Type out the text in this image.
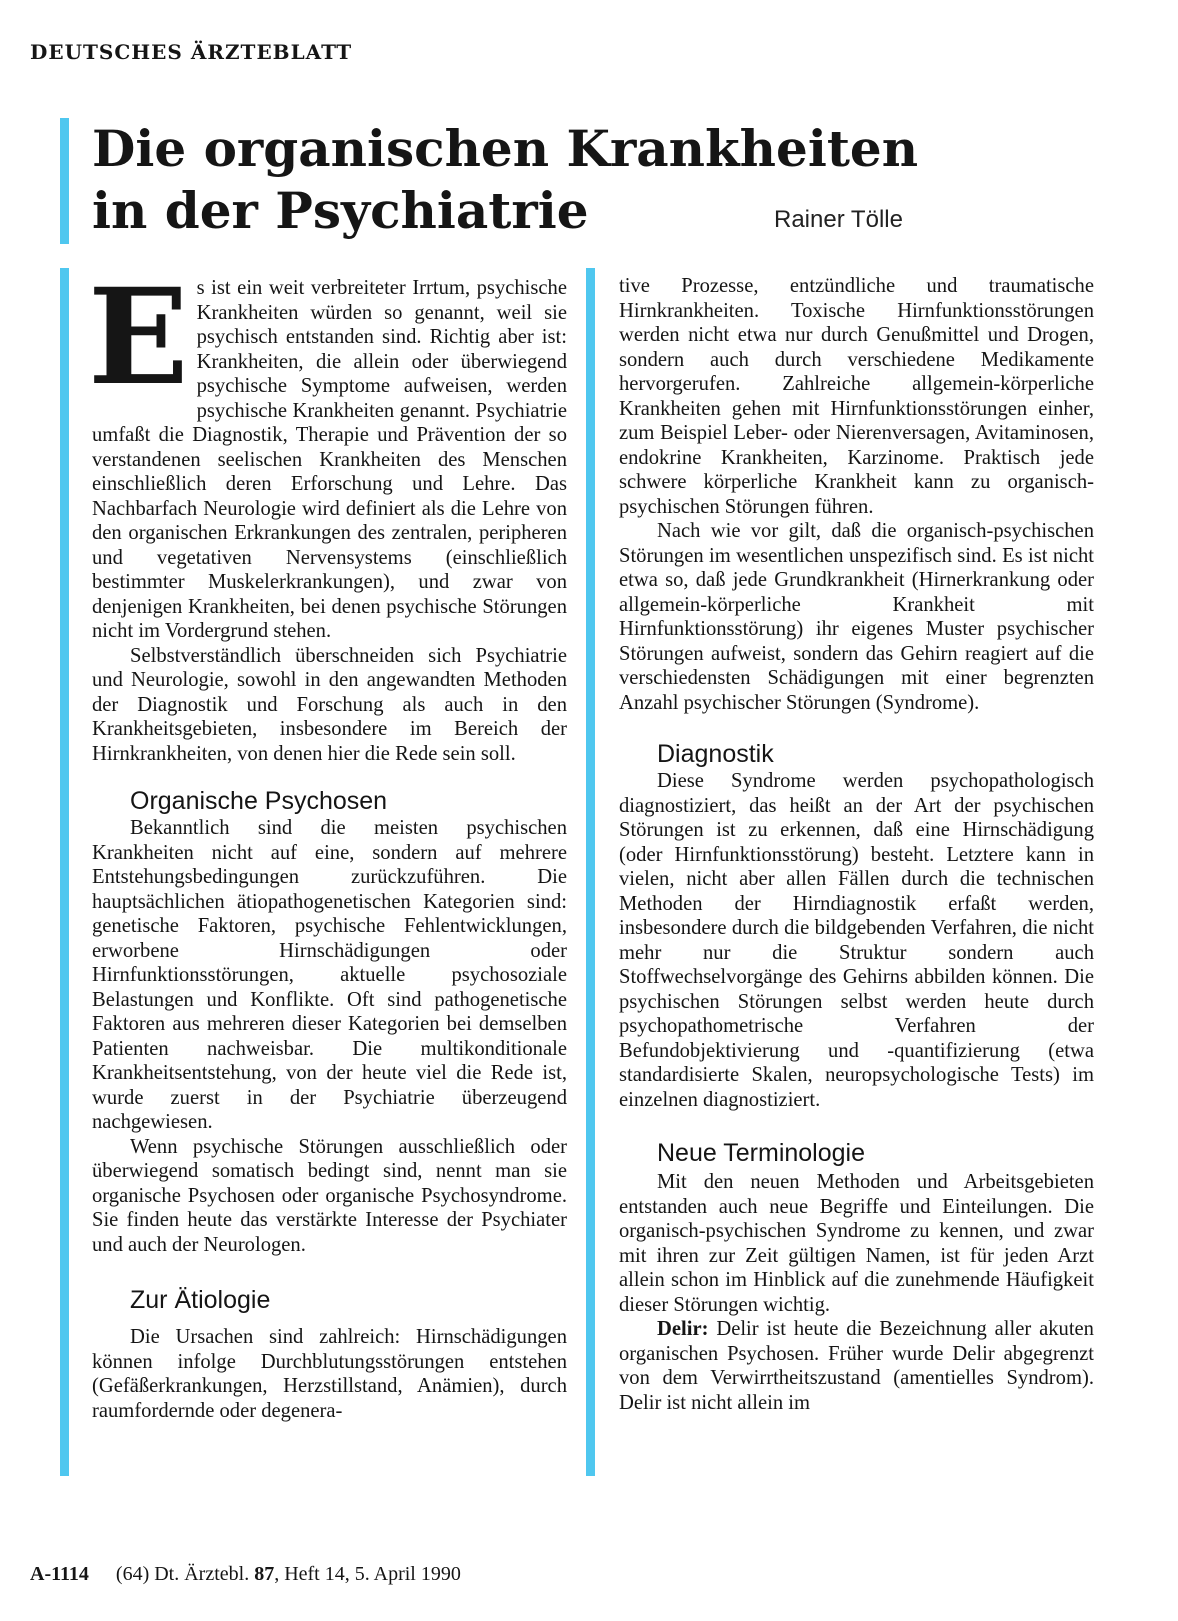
DEUTSCHES ÄRZTEBLATT
Die organischen Krankheiten
in der Psychiatrie	Rainer Tölle

Es ist ein weit verbreiteter Irrtum, psychische Krankheiten würden so genannt, weil sie psychisch entstanden sind. Richtig aber ist: Krankheiten, die allein oder überwiegend psychische Symptome aufweisen, werden psychische Krankheiten genannt. Psychiatrie umfaßt die Diagnostik, Therapie und Prävention der so verstandenen seelischen Krankheiten des Menschen einschließlich deren Erforschung und Lehre. Das Nachbarfach Neurologie wird definiert als die Lehre von den organischen Erkrankungen des zentralen, peripheren und vegetativen Nervensystems (einschließlich bestimmter Muskelerkrankungen), und zwar von denjenigen Krankheiten, bei denen psychische Störungen nicht im Vordergrund stehen.

Selbstverständlich überschneiden sich Psychiatrie und Neurologie, sowohl in den angewandten Methoden der Diagnostik und Forschung als auch in den Krankheitsgebieten, insbesondere im Bereich der Hirnkrankheiten, von denen hier die Rede sein soll.

Organische Psychosen

Bekanntlich sind die meisten psychischen Krankheiten nicht auf eine, sondern auf mehrere Entstehungsbedingungen zurückzuführen. Die hauptsächlichen ätiopathogenetischen Kategorien sind: genetische Faktoren, psychische Fehlentwicklungen, erworbene Hirnschädigungen oder Hirnfunktionsstörungen, aktuelle psychosoziale Belastungen und Konflikte. Oft sind pathogenetische Faktoren aus mehreren dieser Kategorien bei demselben Patienten nachweisbar. Die multikonditionale Krankheitsentstehung, von der heute viel die Rede ist, wurde zuerst in der Psychiatrie überzeugend nachgewiesen.

Wenn psychische Störungen ausschließlich oder überwiegend somatisch bedingt sind, nennt man sie organische Psychosen oder organische Psychosyndrome. Sie finden heute das verstärkte Interesse der Psychiater und auch der Neurologen.

Zur Ätiologie

Die Ursachen sind zahlreich: Hirnschädigungen können infolge Durchblutungsstörungen entstehen (Gefäßerkrankungen, Herzstillstand, Anämien), durch raumfordernde oder degenera-

tive Prozesse, entzündliche und traumatische Hirnkrankheiten. Toxische Hirnfunktionsstörungen werden nicht etwa nur durch Genußmittel und Drogen, sondern auch durch verschiedene Medikamente hervorgerufen. Zahlreiche allgemein-körperliche Krankheiten gehen mit Hirnfunktionsstörungen einher, zum Beispiel Leber- oder Nierenversagen, Avitaminosen, endokrine Krankheiten, Karzinome. Praktisch jede schwere körperliche Krankheit kann zu organisch-psychischen Störungen führen.

Nach wie vor gilt, daß die organisch-psychischen Störungen im wesentlichen unspezifisch sind. Es ist nicht etwa so, daß jede Grundkrankheit (Hirnerkrankung oder allgemein-körperliche Krankheit mit Hirnfunktionsstörung) ihr eigenes Muster psychischer Störungen aufweist, sondern das Gehirn reagiert auf die verschiedensten Schädigungen mit einer begrenzten Anzahl psychischer Störungen (Syndrome).

Diagnostik

Diese Syndrome werden psychopathologisch diagnostiziert, das heißt an der Art der psychischen Störungen ist zu erkennen, daß eine Hirnschädigung (oder Hirnfunktionsstörung) besteht. Letztere kann in vielen, nicht aber allen Fällen durch die technischen Methoden der Hirndiagnostik erfaßt werden, insbesondere durch die bildgebenden Verfahren, die nicht mehr nur die Struktur sondern auch Stoffwechselvorgänge des Gehirns abbilden können. Die psychischen Störungen selbst werden heute durch psychopathometrische Verfahren der Befundobjektivierung und -quantifizierung (etwa standardisierte Skalen, neuropsychologische Tests) im einzelnen diagnostiziert.

Neue Terminologie

Mit den neuen Methoden und Arbeitsgebieten entstanden auch neue Begriffe und Einteilungen. Die organisch-psychischen Syndrome zu kennen, und zwar mit ihren zur Zeit gültigen Namen, ist für jeden Arzt allein schon im Hinblick auf die zunehmende Häufigkeit dieser Störungen wichtig.

Delir: Delir ist heute die Bezeichnung aller akuten organischen Psychosen. Früher wurde Delir abgegrenzt von dem Verwirrtheitszustand (amentielles Syndrom). Delir ist nicht allein im

A-1114 (64) Dt. Ärztebl. 87, Heft 14, 5. April 1990
